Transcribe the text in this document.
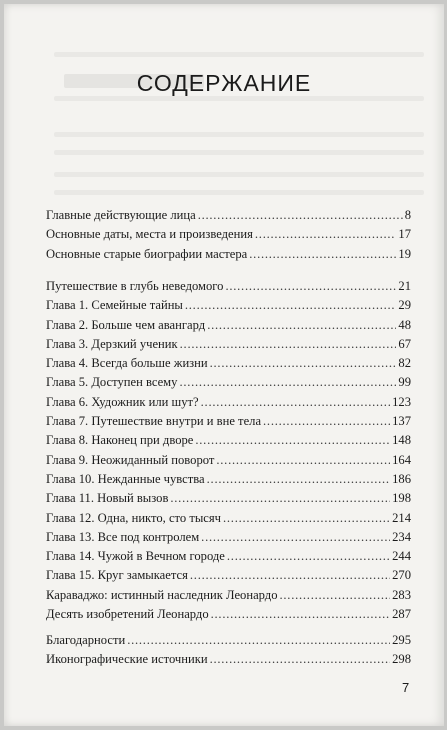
СОДЕРЖАНИЕ
Главные действующие лица . . .	8
Основные даты, места и произведения . . .	17
Основные старые биографии мастера . . .	19
Путешествие в глубь неведомого . . .	21
Глава 1. Семейные тайны . . .	29
Глава 2. Больше чем авангард . . .	48
Глава 3. Дерзкий ученик . . .	67
Глава 4. Всегда больше жизни . . .	82
Глава 5. Доступен всему . . .	99
Глава 6. Художник или шут? . . .	123
Глава 7. Путешествие внутри и вне тела . . .	137
Глава 8. Наконец при дворе . . .	148
Глава 9. Неожиданный поворот . . .	164
Глава 10. Нежданные чувства . . .	186
Глава 11. Новый вызов . . .	198
Глава 12. Одна, никто, сто тысяч . . .	214
Глава 13. Все под контролем . . .	234
Глава 14. Чужой в Вечном городе . . .	244
Глава 15. Круг замыкается . . .	270
Караваджо: истинный наследник Леонардо . . .	283
Десять изобретений Леонардо . . .	287
Благодарности . . .	295
Иконографические источники . . .	298
7
